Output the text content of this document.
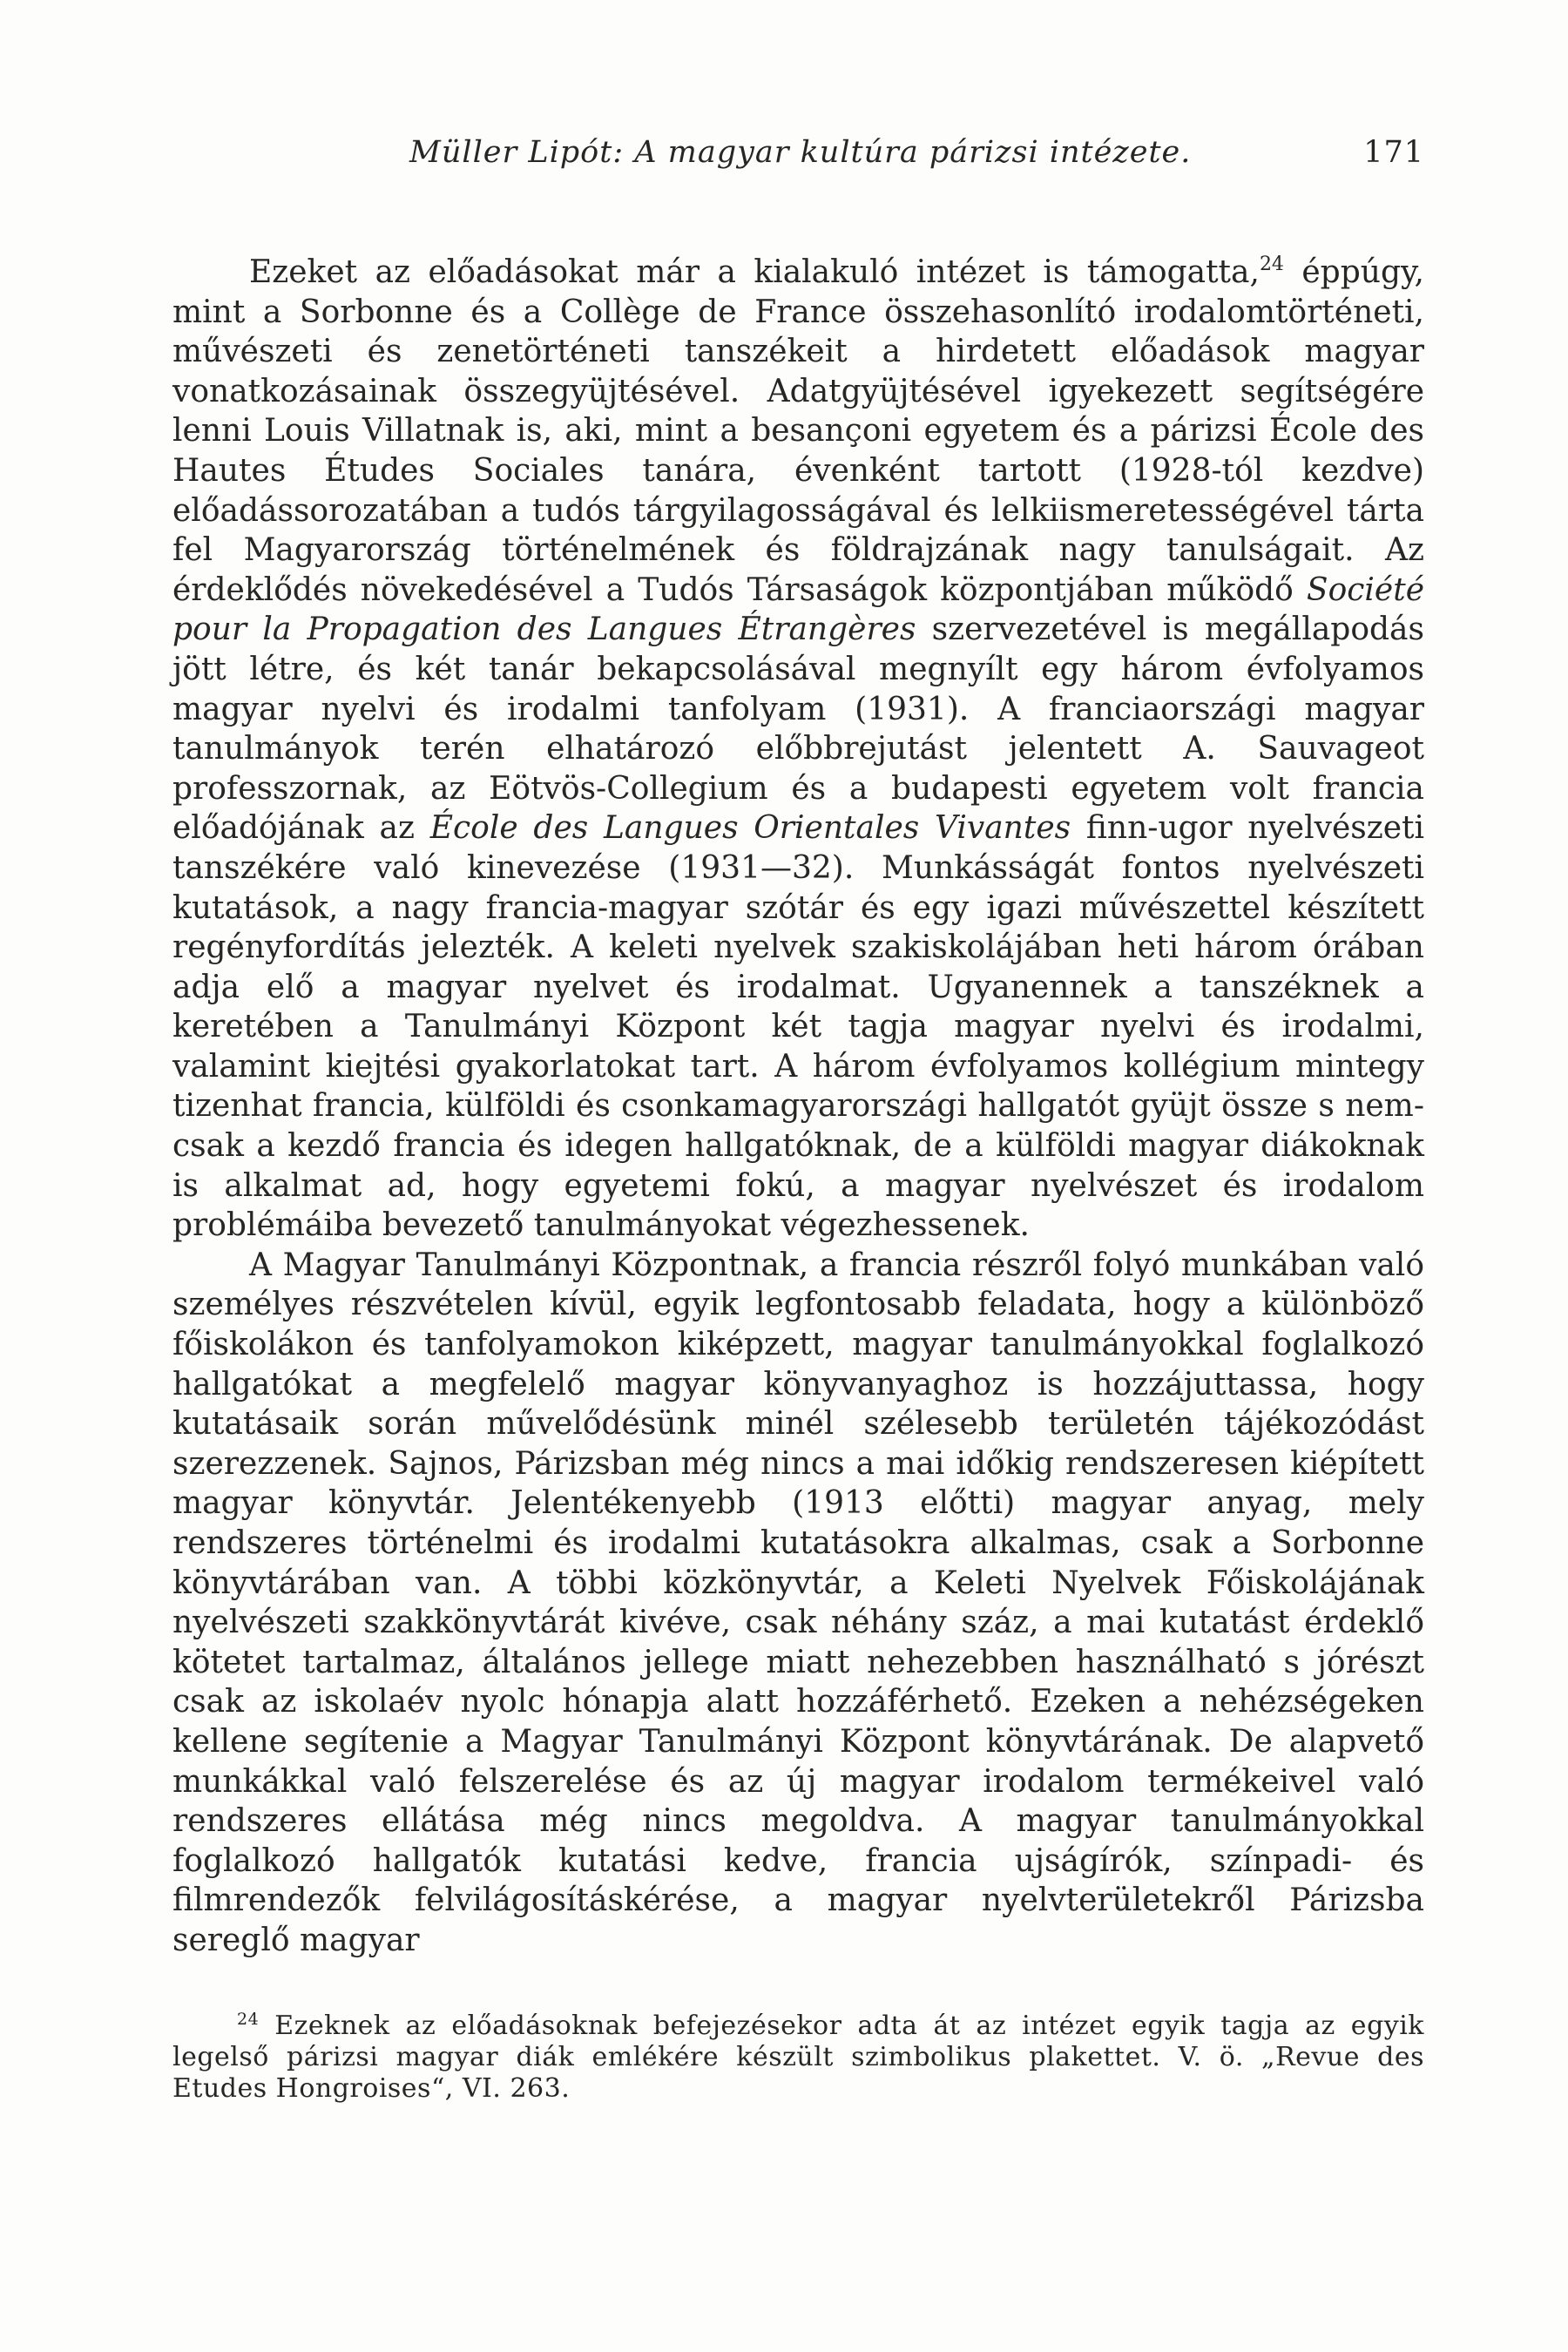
Müller Lipót: A magyar kultúra párizsi intézete.	171

Ezeket az előadásokat már a kialakuló intézet is támogatta,$^{24}$ éppúgy, mint a Sorbonne és a Collège de France összehasonlító irodalomtörténeti, művészeti és zenetörténeti tanszékeit a hirdetett előadások magyar vonatkozásainak összegyüjtésével. Adatgyüjtésével igyekezett segítségére lenni Louis Villatnak is, aki, mint a besançoni egyetem és a párizsi École des Hautes Études Sociales tanára, évenként tartott (1928-tól kezdve) előadássorozatában a tudós tárgyilagosságával és lelkiismeretességével tárta fel Magyarország történelmének és földrajzának nagy tanulságait. Az érdeklődés növekedésével a Tudós Társaságok központjában működő Société pour la Propagation des Langues Étrangères szervezetével is megállapodás jött létre, és két tanár bekapcsolásával megnyílt egy három évfolyamos magyar nyelvi és irodalmi tanfolyam (1931). A franciaországi magyar tanulmányok terén elhatározó előbbrejutást jelentett A. Sauvageot professzornak, az Eötvös-Collegium és a budapesti egyetem volt francia előadójának az École des Langues Orientales Vivantes finn-ugor nyelvészeti tanszékére való kinevezése (1931—32). Munkásságát fontos nyelvészeti kutatások, a nagy francia-magyar szótár és egy igazi művészettel készített regényfordítás jelezték. A keleti nyelvek szakiskolájában heti három órában adja elő a magyar nyelvet és irodalmat. Ugyanennek a tanszéknek a keretében a Tanulmányi Központ két tagja magyar nyelvi és irodalmi, valamint kiejtési gyakorlatokat tart. A három évfolyamos kollégium mintegy tizenhat francia, külföldi és csonkamagyarországi hallgatót gyüjt össze s nemcsak a kezdő francia és idegen hallgatóknak, de a külföldi magyar diákoknak is alkalmat ad, hogy egyetemi fokú, a magyar nyelvészet és irodalom problémáiba bevezető tanulmányokat végezhessenek.

A Magyar Tanulmányi Központnak, a francia részről folyó munkában való személyes részvételen kívül, egyik legfontosabb feladata, hogy a különböző főiskolákon és tanfolyamokon kiképzett, magyar tanulmányokkal foglalkozó hallgatókat a megfelelő magyar könyvanyaghoz is hozzájuttassa, hogy kutatásaik során művelődésünk minél szélesebb területén tájékozódást szerezzenek. Sajnos, Párizsban még nincs a mai időkig rendszeresen kiépített magyar könyvtár. Jelentékenyebb (1913 előtti) magyar anyag, mely rendszeres történelmi és irodalmi kutatásokra alkalmas, csak a Sorbonne könyvtárában van. A többi közkönyvtár, a Keleti Nyelvek Főiskolájának nyelvészeti szakkönyvtárát kivéve, csak néhány száz, a mai kutatást érdeklő kötetet tartalmaz, általános jellege miatt nehezebben használható s jórészt csak az iskolaév nyolc hónapja alatt hozzáférhető. Ezeken a nehézségeken kellene segítenie a Magyar Tanulmányi Központ könyvtárának. De alapvető munkákkal való felszerelése és az új magyar irodalom termékeivel való rendszeres ellátása még nincs megoldva. A magyar tanulmányokkal foglalkozó hallgatók kutatási kedve, francia ujságírók, színpadi- és filmrendezők felvilágosításkérése, a magyar nyelvterületekről Párizsba sereglő magyar

$^{24}$ Ezeknek az előadásoknak befejezésekor adta át az intézet egyik tagja az egyik legelső párizsi magyar diák emlékére készült szimbolikus plakettet. V. ö. „Revue des Etudes Hongroises“, VI. 263.
